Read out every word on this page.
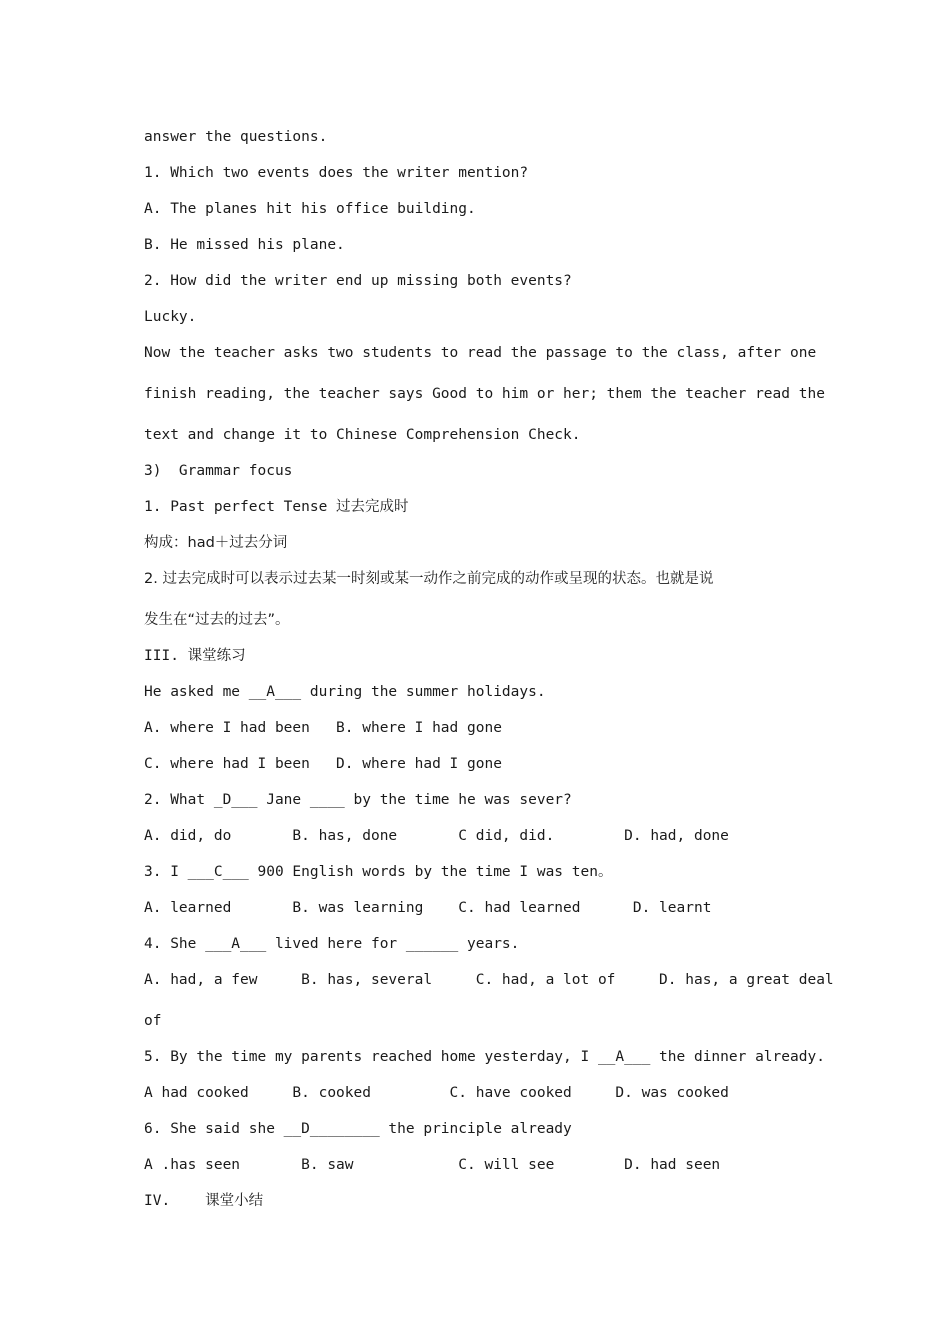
answer the questions.
1. Which two events does the writer mention?
A. The planes hit his office building.
B. He missed his plane.
2. How did the writer end up missing both events?
Lucky.
Now the teacher asks two students to read the passage to the class, after one
finish reading, the teacher says Good to him or her; them the teacher read the
text and change it to Chinese Comprehension Check.
3)  Grammar focus
1. Past perfect Tense 过去完成时
构成：had＋过去分词
2. 过去完成时可以表示过去某一时刻或某一动作之前完成的动作或呈现的状态。也就是说
发生在“过去的过去”。
III. 课堂练习
He asked me __A___ during the summer holidays.
A. where I had been   B. where I had gone
C. where had I been   D. where had I gone
2. What _D___ Jane ____ by the time he was sever?
A. did, do       B. has, done       C did, did.        D. had, done
3. I ___C___ 900 English words by the time I was ten。
A. learned       B. was learning    C. had learned      D. learnt
4. She ___A___ lived here for ______ years.
A. had, a few     B. has, several     C. had, a lot of     D. has, a great deal
of
5. By the time my parents reached home yesterday, I __A___ the dinner already.
A had cooked     B. cooked         C. have cooked     D. was cooked
6. She said she __D________ the principle already
A .has seen       B. saw            C. will see        D. had seen
IV.    课堂小结
